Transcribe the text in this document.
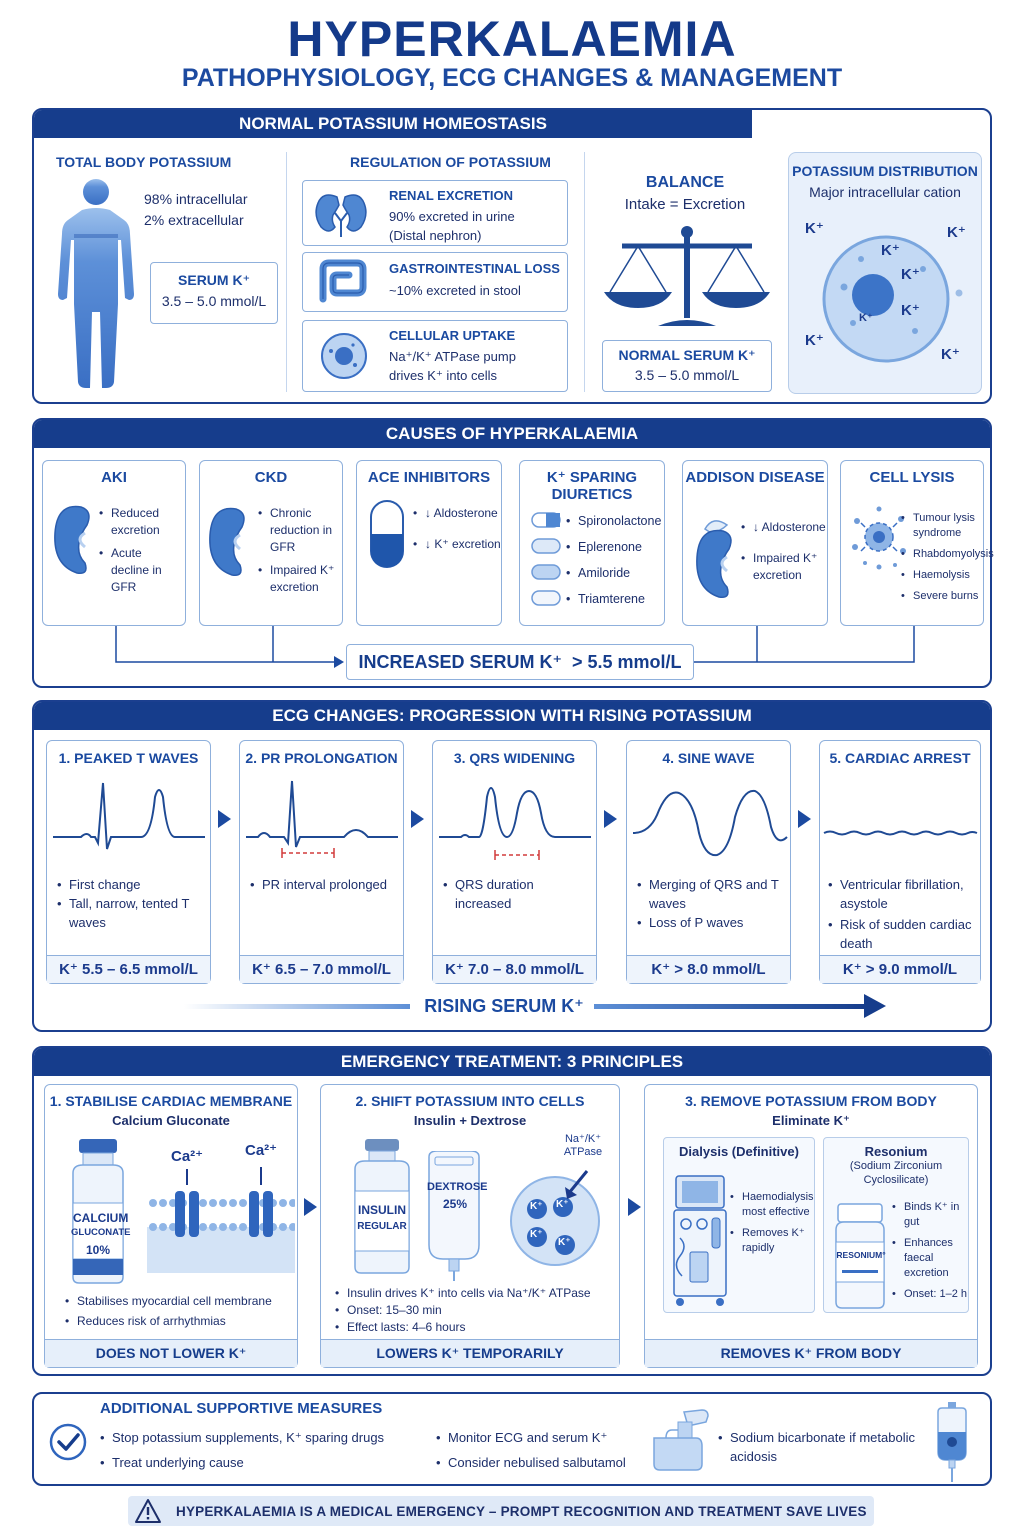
HYPERKALAEMIA
PATHOPHYSIOLOGY, ECG CHANGES & MANAGEMENT
NORMAL POTASSIUM HOMEOSTASIS
TOTAL BODY POTASSIUM
98% intracellular
2% extracellular
SERUM K⁺
3.5 – 5.0 mmol/L
REGULATION OF POTASSIUM
RENAL EXCRETION
90% excreted in urine
(Distal nephron)
GASTROINTESTINAL LOSS
~10% excreted in stool
CELLULAR UPTAKE
Na⁺/K⁺ ATPase pump
drives K⁺ into cells
BALANCE
Intake = Excretion
NORMAL SERUM K⁺
3.5 – 5.0 mmol/L
POTASSIUM DISTRIBUTION
Major intracellular cation
K⁺	K⁺
K⁺
K⁺
K⁺
K⁺
K⁺
K⁺
CAUSES OF HYPERKALAEMIA
AKI
• Reduced excretion
• Acute decline in GFR
CKD
• Chronic reduction in GFR
• Impaired K⁺ excretion
ACE INHIBITORS
• ↓ Aldosterone
• ↓ K⁺ excretion
K⁺ SPARING DIURETICS
• Spironolactone
• Eplerenone
• Amiloride
• Triamterene
ADDISON DISEASE
• ↓ Aldosterone
• Impaired K⁺ excretion
CELL LYSIS
• Tumour lysis syndrome
• Rhabdomyolysis
• Haemolysis
• Severe burns
INCREASED SERUM K⁺  > 5.5 mmol/L
ECG CHANGES: PROGRESSION WITH RISING POTASSIUM
1. PEAKED T WAVES
• First change
• Tall, narrow, tented T waves
K⁺ 5.5 – 6.5 mmol/L
2. PR PROLONGATION
• PR interval prolonged
K⁺ 6.5 – 7.0 mmol/L
3. QRS WIDENING
• QRS duration increased
K⁺ 7.0 – 8.0 mmol/L
4. SINE WAVE
• Merging of QRS and T waves
• Loss of P waves
K⁺ > 8.0 mmol/L
5. CARDIAC ARREST
• Ventricular fibrillation, asystole
• Risk of sudden cardiac death
K⁺ > 9.0 mmol/L
RISING SERUM K⁺
EMERGENCY TREATMENT: 3 PRINCIPLES
1. STABILISE CARDIAC MEMBRANE
Calcium Gluconate
CALCIUM
GLUCONATE
10%
Ca²⁺	Ca²⁺
• Stabilises myocardial cell membrane
• Reduces risk of arrhythmias
DOES NOT LOWER K⁺
2. SHIFT POTASSIUM INTO CELLS
Insulin + Dextrose
INSULIN
REGULAR
DEXTROSE
25%
Na⁺/K⁺
ATPase
K⁺ K⁺
K⁺
K⁺
• Insulin drives K⁺ into cells via Na⁺/K⁺ ATPase
• Onset: 15–30 min
• Effect lasts: 4–6 hours
LOWERS K⁺ TEMPORARILY
3. REMOVE POTASSIUM FROM BODY
Eliminate K⁺
Dialysis (Definitive)
• Haemodialysis most effective
• Removes K⁺ rapidly
Resonium
(Sodium Zirconium Cyclosilicate)
RESONIUM°
• Binds K⁺ in gut
• Enhances faecal excretion
• Onset: 1–2 h
REMOVES K⁺ FROM BODY
ADDITIONAL SUPPORTIVE MEASURES
• Stop potassium supplements, K⁺ sparing drugs
• Treat underlying cause
• Monitor ECG and serum K⁺
• Consider nebulised salbutamol
• Sodium bicarbonate if metabolic acidosis
HYPERKALAEMIA IS A MEDICAL EMERGENCY – PROMPT RECOGNITION AND TREATMENT SAVE LIVES
